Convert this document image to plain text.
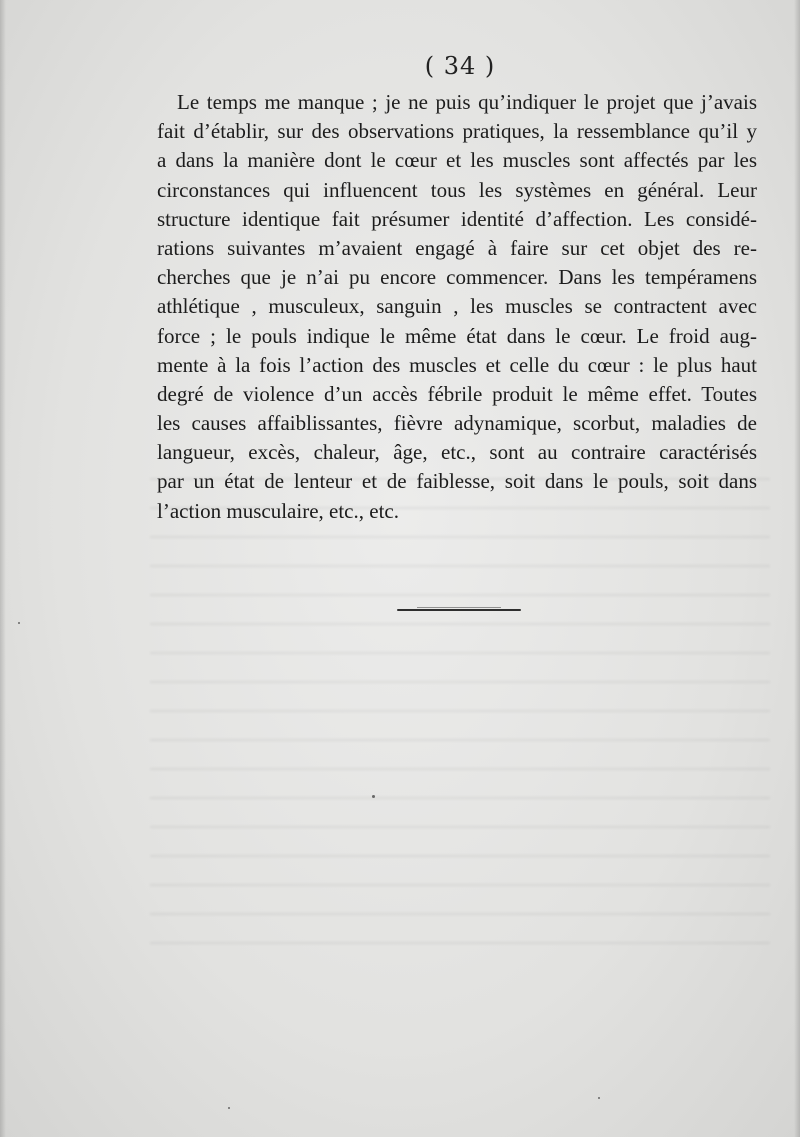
( 34 )
Le temps me manque ; je ne puis qu’indiquer le projet que j’avais
fait d’établir, sur des observations pratiques, la ressemblance qu’il y
a dans la manière dont le cœur et les muscles sont affectés par les
circonstances qui influencent tous les systèmes en général. Leur
structure identique fait présumer identité d’affection. Les considé-
rations suivantes m’avaient engagé à faire sur cet objet des re-
cherches que je n’ai pu encore commencer. Dans les tempéramens
athlétique , musculeux, sanguin , les muscles se contractent avec
force ; le pouls indique le même état dans le cœur. Le froid aug-
mente à la fois l’action des muscles et celle du cœur : le plus haut
degré de violence d’un accès fébrile produit le même effet. Toutes
les causes affaiblissantes, fièvre adynamique, scorbut, maladies de
langueur, excès, chaleur, âge, etc., sont au contraire caractérisés
par un état de lenteur et de faiblesse, soit dans le pouls, soit dans
l’action musculaire, etc., etc.
